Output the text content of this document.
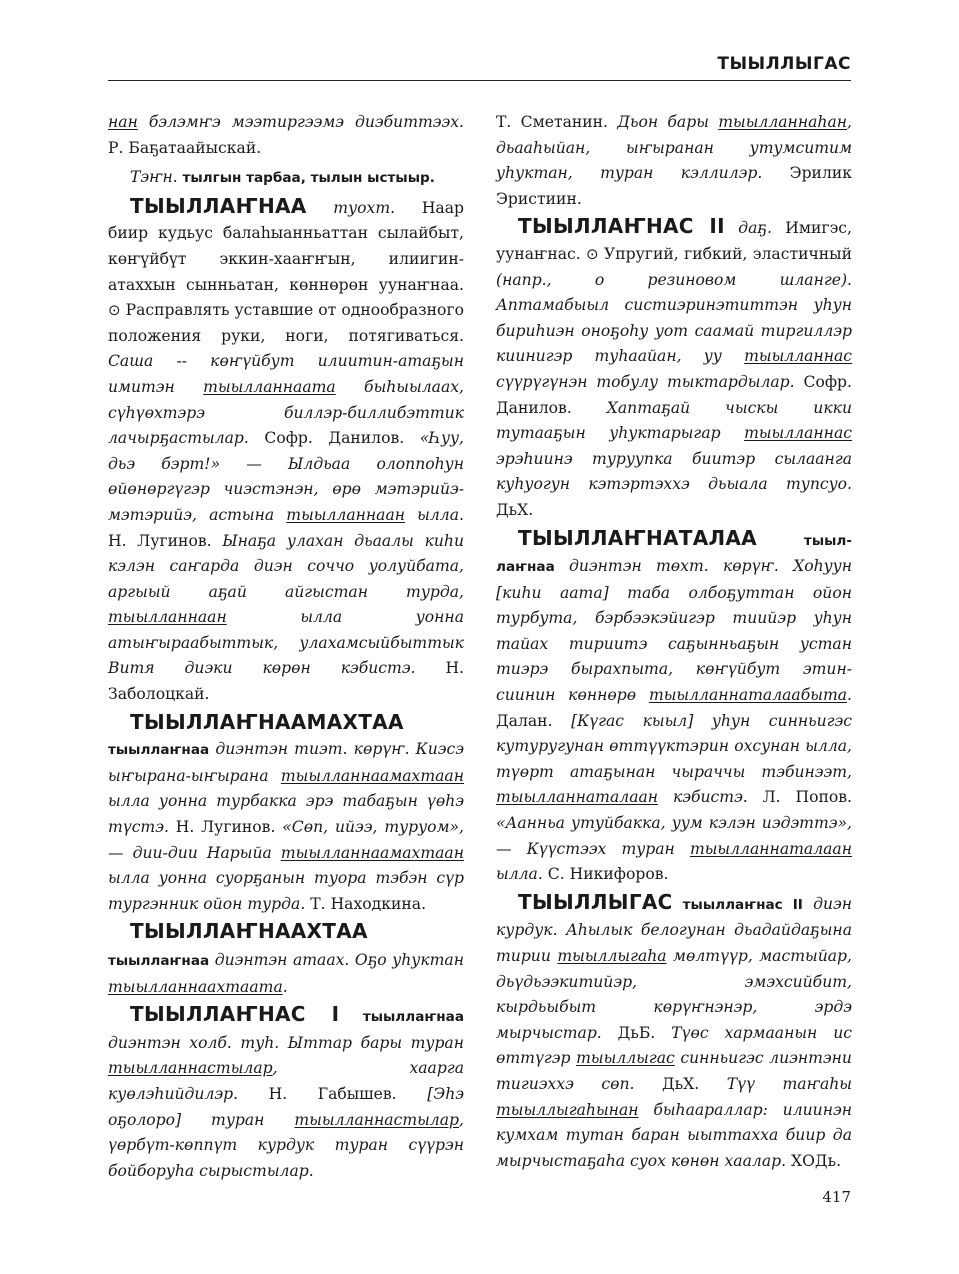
ТЫЫЛЛЫГАС

нан бэлэмҥэ мээтиргээмэ диэбиттээх. Р. Баҕатаайыскай.

Тэҥн. тылгын тарбаа, тылын ыстыыр.

ТЫЫЛЛАҤНАА туохт. Наар биир кудьус балаһыанньаттан сылайбыт, көҥүйбүт эккин-хааҥҥын, илиигин-атаххын сынньатан, көннөрөн уунаҥнаа. ⊙ Расправлять уставшие от однообразного положения руки, ноги, потягиваться. Саша -- көҥүйбут илиитин-атаҕын имитэн тыылланнаата быһыылаах, сүһүөхтэрэ биллэр-биллибэттик лачырҕастылар. Софр. Данилов. «Һуу, дьэ бэрт!» — Ылдьаа олоппоһун өйөнөргүгэр чиэстэнэн, өрө мэтэрийэ-мэтэрийэ, астына тыылланнаан ылла. Н. Лугинов. Ынаҕа улахан дьаалы киһи кэлэн саҥарда диэн соччо уолуйбата, аргыый аҕай айгыстан турда, тыылланнаан ылла уонна атыҥыраабыттык, улахамсыйбыттык Витя диэки көрөн кэбистэ. Н. Заболоцкай.

ТЫЫЛЛАҤНААМАХТАА

тыыллаҥнаа диэнтэн тиэт. көрүҥ. Киэсэ ыҥырана-ыҥырана тыылланнаамахтаан ылла уонна турбакка эрэ табаҕын үөһэ түстэ. Н. Лугинов. «Сөп, ийээ, туруом», — дии-дии Нарыйа тыылланнаамахтаан ылла уонна суорҕанын туора тэбэн сүр тургэнник ойон турда. Т. Находкина.

ТЫЫЛЛАҤНААХТАА тыыллаҥнаа диэнтэн атаах. Оҕо уһуктан тыылланнаахтаата.

ТЫЫЛЛАҤНАС I тыыллаҥнаа диэнтэн холб. туһ. Ыттар бары туран тыылланнастылар, хаарга куөлэһийдилэр. Н. Габышев. [Эһэ оҕолоро] туран тыылланнастылар, үөрбүт-көппүт курдук туран сүүрэн бойборуһа сырыстылар.

Т. Сметанин. Дьон бары тыылланнаһан, дьааһыйан, ыҥыранан утумситим уһуктан, туран кэллилэр. Эрилик Эристиин.

ТЫЫЛЛАҤНАС II даҕ. Имигэс, уунаҥнас. ⊙ Упругий, гибкий, эластичный (напр., о резиновом шланге). Аптамабыыл систиэринэтиттэн уһун бириһиэн оноҕоһу уот саамай тиргиллэр киинигэр туһаайан, уу тыылланнас сүүрүгүнэн тобулу тыктардылар. Софр. Данилов. Хаптаҕай чыскы икки тутааҕын уһуктарыгар тыылланнас эрэһиинэ туруупка биитэр сылаанга куһуогун кэтэртэххэ дьыала тупсуо. ДьХ.

ТЫЫЛЛАҤНАТАЛАА тыыл-лаҥнаа диэнтэн төхт. көрүҥ. Хоһуун [киһи аата] таба олбоҕуттан ойон турбута, бэрбээкэйигэр тиийэр уһун тайах тириитэ саҕынньаҕын устан тиэрэ бырахпыта, көҥүйбут этин-сиинин көннөрө тыылланнаталаабыта. Далан. [Күгас кыыл] уһун синньигэс кутуругунан өттүүктэрин охсунан ылла, түөрт атаҕынан чыраччы тэбинээт, тыылланнаталаан кэбистэ. Л. Попов. «Аанньа утуйбакка, уум кэлэн иэдэттэ», — Күүстээх туран тыылланнаталаан ылла. С. Никифоров.

ТЫЫЛЛЫГАС тыыллаҥнас II диэн курдук. Аһылык белогунан дьадайдаҕына тирии тыыллыгаһа мөлтүүр, мастыйар, дьүдьээкитийэр, эмэхсийбит, кырдьыбыт көрүҥнэнэр, эрдэ мырчыстар. ДьБ. Түөс хармаанын ис өттүгэр тыыллыгас синньигэс лиэнтэни тигиэххэ сөп. ДьХ. Түү таҥаһы тыыллыгаһынан быһаараллар: илиинэн кумхам тутан баран ыыттахха биир да мырчыстаҕаһа суох көнөн хаалар. ХОДь.

417
